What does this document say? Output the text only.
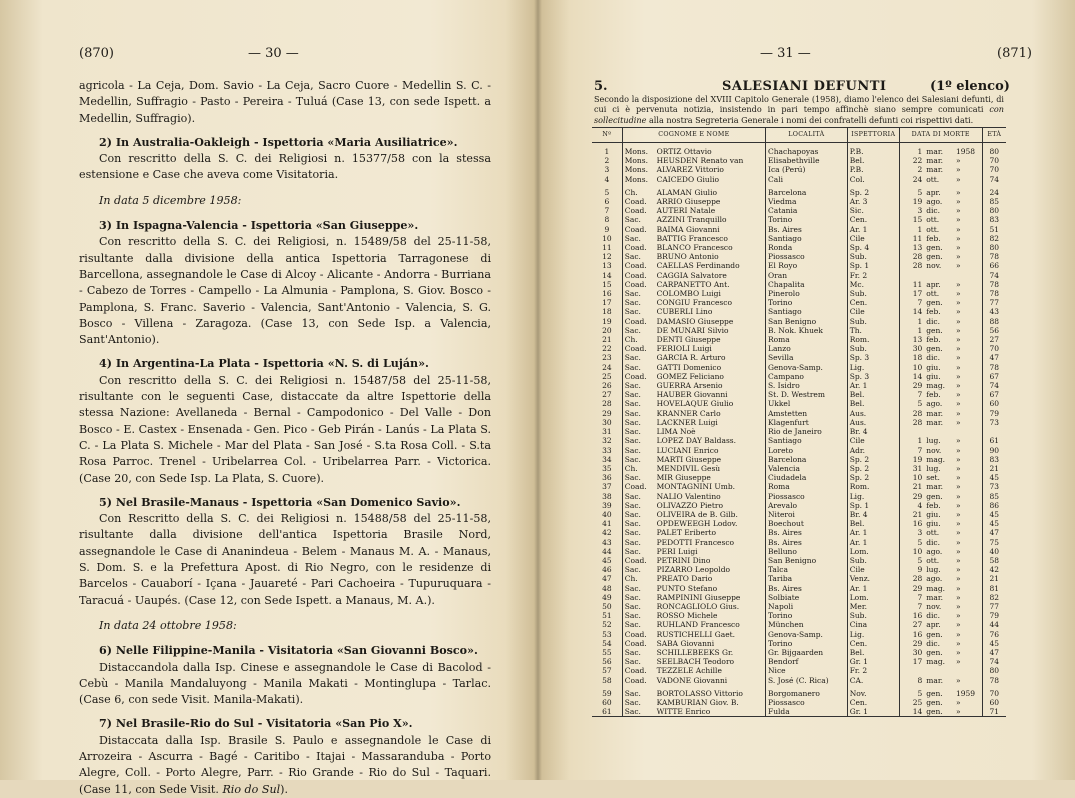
(870)	— 30 —

agricola - La Ceja, Dom. Savio - La Ceja, Sacro Cuore - Medellin S. C. - Medellin, Suffragio - Pasto - Pereira - Tuluá (Case 13, con sede Ispett. a Medellin, Suffragio).

2) In Australia-Oakleigh - Ispettoria «Maria Ausiliatrice».

Con rescritto della S. C. dei Religiosi n. 15377/58 con la stessa estensione e Case che aveva come Visitatoria.

In data 5 dicembre 1958:

3) In Ispagna-Valencia - Ispettoria «San Giuseppe».

Con rescritto della S. C. dei Religiosi, n. 15489/58 del 25-11-58, risultante dalla divisione della antica Ispettoria Tarragonese di Barcellona, assegnandole le Case di Alcoy - Alicante - Andorra - Burriana - Cabezo de Torres - Campello - La Almunia - Pamplona, S. Giov. Bosco - Pamplona, S. Franc. Saverio - Valencia, Sant'Antonio - Valencia, S. G. Bosco - Villena - Zaragoza. (Case 13, con Sede Isp. a Valencia, Sant'Antonio).

4) In Argentina-La Plata - Ispettoria «N. S. di Luján».

Con rescritto della S. C. dei Religiosi n. 15487/58 del 25-11-58, risultante con le seguenti Case, distaccate da altre Ispettorie della stessa Nazione: Avellaneda - Bernal - Campodonico - Del Valle - Don Bosco - E. Castex - Ensenada - Gen. Pico - Geb Pirán - Lanús - La Plata S. C. - La Plata S. Michele - Mar del Plata - San José - S.ta Rosa Coll. - S.ta Rosa Parroc. Trenel - Uribelarrea Col. - Uribelarrea Parr. - Victorica. (Case 20, con Sede Isp. La Plata, S. Cuore).

5) Nel Brasile-Manaus - Ispettoria «San Domenico Savio».

Con Rescritto della S. C. dei Religiosi n. 15488/58 del 25-11-58, risultante dalla divisione dell'antica Ispettoria Brasile Nord, assegnandole le Case di Ananindeua - Belem - Manaus M. A. - Manaus, S. Dom. S. e la Prefettura Apost. di Rio Negro, con le residenze di Barcelos - Cauaborí - Içana - Jauareté - Pari Cachoeira - Tupuruquara - Taracuá - Uaupés. (Case 12, con Sede Ispett. a Manaus, M. A.).

In data 24 ottobre 1958:

6) Nelle Filippine-Manila - Visitatoria «San Giovanni Bosco».

Distaccandola dalla Isp. Cinese e assegnandole le Case di Bacolod - Cebù - Manila Mandaluyong - Manila Makati - Montinglupa - Tarlac. (Case 6, con sede Visit. Manila-Makati).

7) Nel Brasile-Rio do Sul - Visitatoria «San Pio X».

Distaccata dalla Isp. Brasile S. Paulo e assegnandole le Case di Arrozeira - Ascurra - Bagé - Caritibo - Itajai - Massaranduba - Porto Alegre, Coll. - Porto Alegre, Parr. - Rio Grande - Rio do Sul - Taquari. (Case 11, con Sede Visit. Rio do Sul).

— 31 —	(871)
5.	SALESIANI DEFUNTI	(1º elenco)
Secondo la disposizione del XVIII Capitolo Generale (1958), diamo l'elenco dei Salesiani defunti, di cui ci è pervenuta notizia, insistendo in pari tempo affinchè siano sempre comunicati con sollecitudine alla nostra Segreteria Generale i nomi dei confratelli defunti coi rispettivi dati.
Nº	COGNOME E NOME		LOCALITÀ	ISPETTORIA	DATA DI MORTE			ETÀ

1	Mons.	ORTIZ Ottavio	Chachapoyas	P.B.	1	mar.	1958	80
2	Mons.	HEUSDEN Renato van	Elisabethville	Bel.	22	mar.	»	70
3	Mons.	ALVAREZ Vittorio	Ica (Perú)	P.B.	2	mar.	»	70
4	Mons.	CAICEDO Giulio	Cali	Col.	24	ott.	»	74

5	Ch.	ALAMAN Giulio	Barcelona	Sp. 2	5	apr.	»	24
6	Coad.	ARRIO Giuseppe	Viedma	Ar. 3	19	ago.	»	85
7	Coad.	AUTERI Natale	Catania	Sic.	3	dic.	»	80
8	Sac.	AZZINI Tranquillo	Torino	Cen.	15	ott.	»	83
9	Coad.	BAIMA Giovanni	Bs. Aires	Ar. 1	1	ott.	»	51
10	Sac.	BATTIG Francesco	Santiago	Cile	11	feb.	»	82
11	Coad.	BLANCO Francesco	Ronda	Sp. 4	13	gen.	»	80
12	Sac.	BRUNO Antonio	Piossasco	Sub.	28	gen.	»	78
13	Coad.	CAELLAS Ferdinando	El Royo	Sp. 1	28	nov.	»	66
14	Coad.	CAGGIA Salvatore	Oran	Fr. 2				74
15	Coad.	CARPANETTO Ant.	Chapalita	Mc.	11	apr.	»	78
16	Sac.	COLOMBO Luigi	Pinerolo	Sub.	17	ott.	»	78
17	Sac.	CONGIU Francesco	Torino	Cen.	7	gen.	»	77
18	Sac.	CUBERLI Lino	Santiago	Cile	14	feb.	»	43
19	Coad.	DAMASIO Giuseppe	San Benigno	Sub.	1	dic.	»	88
20	Sac.	DE MUNARI Silvio	B. Nok. Khuek	Th.	1	gen.	»	56
21	Ch.	DENTI Giuseppe	Roma	Rom.	13	feb.	»	27
22	Coad.	FERIOLI Luigi	Lanzo	Sub.	30	gen.	»	70
23	Sac.	GARCIA R. Arturo	Sevilla	Sp. 3	18	dic.	»	47
24	Sac.	GATTI Domenico	Genova-Samp.	Lig.	10	giu.	»	78
25	Coad.	GOMEZ Feliciano	Campano	Sp. 3	14	giu.	»	67
26	Sac.	GUERRA Arsenio	S. Isidro	Ar. 1	29	mag.	»	74
27	Sac.	HAUBER Giovanni	St. D. Westrem	Bel.	7	feb.	»	67
28	Sac.	HOVELAQUE Giulio	Ukkel	Bel.	5	ago.	»	60
29	Sac.	KRANNER Carlo	Amstetten	Aus.	28	mar.	»	79
30	Sac.	LACKNER Luigi	Klagenfurt	Aus.	28	mar.	»	73
31	Sac.	LIMA Noè	Rio de Janeiro	Br. 4				
32	Sac.	LOPEZ DAY Baldass.	Santiago	Cile	1	lug.	»	61
33	Sac.	LUCIANI Enrico	Loreto	Adr.	7	nov.	»	90
34	Sac.	MARTI Giuseppe	Barcelona	Sp. 2	19	mag.	»	83
35	Ch.	MENDIVIL Gesù	Valencia	Sp. 2	31	lug.	»	21
36	Sac.	MIR Giuseppe	Ciudadela	Sp. 2	10	set.	»	45
37	Coad.	MONTAGNINI Umb.	Roma	Rom.	21	mar.	»	73
38	Sac.	NALIO Valentino	Piossasco	Lig.	29	gen.	»	85
39	Sac.	OLIVAZZO Pietro	Arevalo	Sp. 1	4	feb.	»	86
40	Sac.	OLIVEIRA de B. Gilb.	Niteroi	Br. 4	21	giu.	»	45
41	Sac.	OPDEWEEGH Lodov.	Boechout	Bel.	16	giu.	»	45
42	Sac.	PALET Eriberto	Bs. Aires	Ar. 1	3	ott.	»	47
43	Sac.	PEDOTTI Francesco	Bs. Aires	Ar. 1	5	dic.	»	75
44	Sac.	PERI Luigi	Belluno	Lom.	10	ago.	»	40
45	Coad.	PETRINI Dino	San Benigno	Sub.	5	ott.	»	58
46	Sac.	PIZARRO Leopoldo	Talca	Cile	9	lug.	»	42
47	Ch.	PREATO Dario	Tariba	Venz.	28	ago.	»	21
48	Sac.	PUNTO Stefano	Bs. Aires	Ar. 1	29	mag.	»	81
49	Sac.	RAMPININI Giuseppe	Solbiate	Lom.	7	mar.	»	82
50	Sac.	RONCAGLIOLO Gius.	Napoli	Mer.	7	nov.	»	77
51	Sac.	ROSSO Michele	Torino	Sub.	16	dic.	»	79
52	Sac.	RUHLAND Francesco	München	Cina	27	apr.	»	44
53	Coad.	RUSTICHELLI Gaet.	Genova-Samp.	Lig.	16	gen.	»	76
54	Coad.	SABA Giovanni	Torino	Cen.	29	dic.	»	45
55	Sac.	SCHILLEBEEKS Gr.	Gr. Bijgaarden	Bel.	30	gen.	»	47
56	Sac.	SEELBACH Teodoro	Bendorf	Gr. 1	17	mag.	»	74
57	Coad.	TEZZELE Achille	Nice	Fr. 2				80
58	Coad.	VADONE Giovanni	S. José (C. Rica)	CA.	8	mar.	»	78

59	Sac.	BORTOLASSO Vittorio	Borgomanero	Nov.	5	gen.	1959	70
60	Sac.	KAMBURIAN Giov. B.	Piossasco	Cen.	25	gen.	»	60
61	Sac.	WITTE Enrico	Fulda	Gr. 1	14	gen.	»	71
